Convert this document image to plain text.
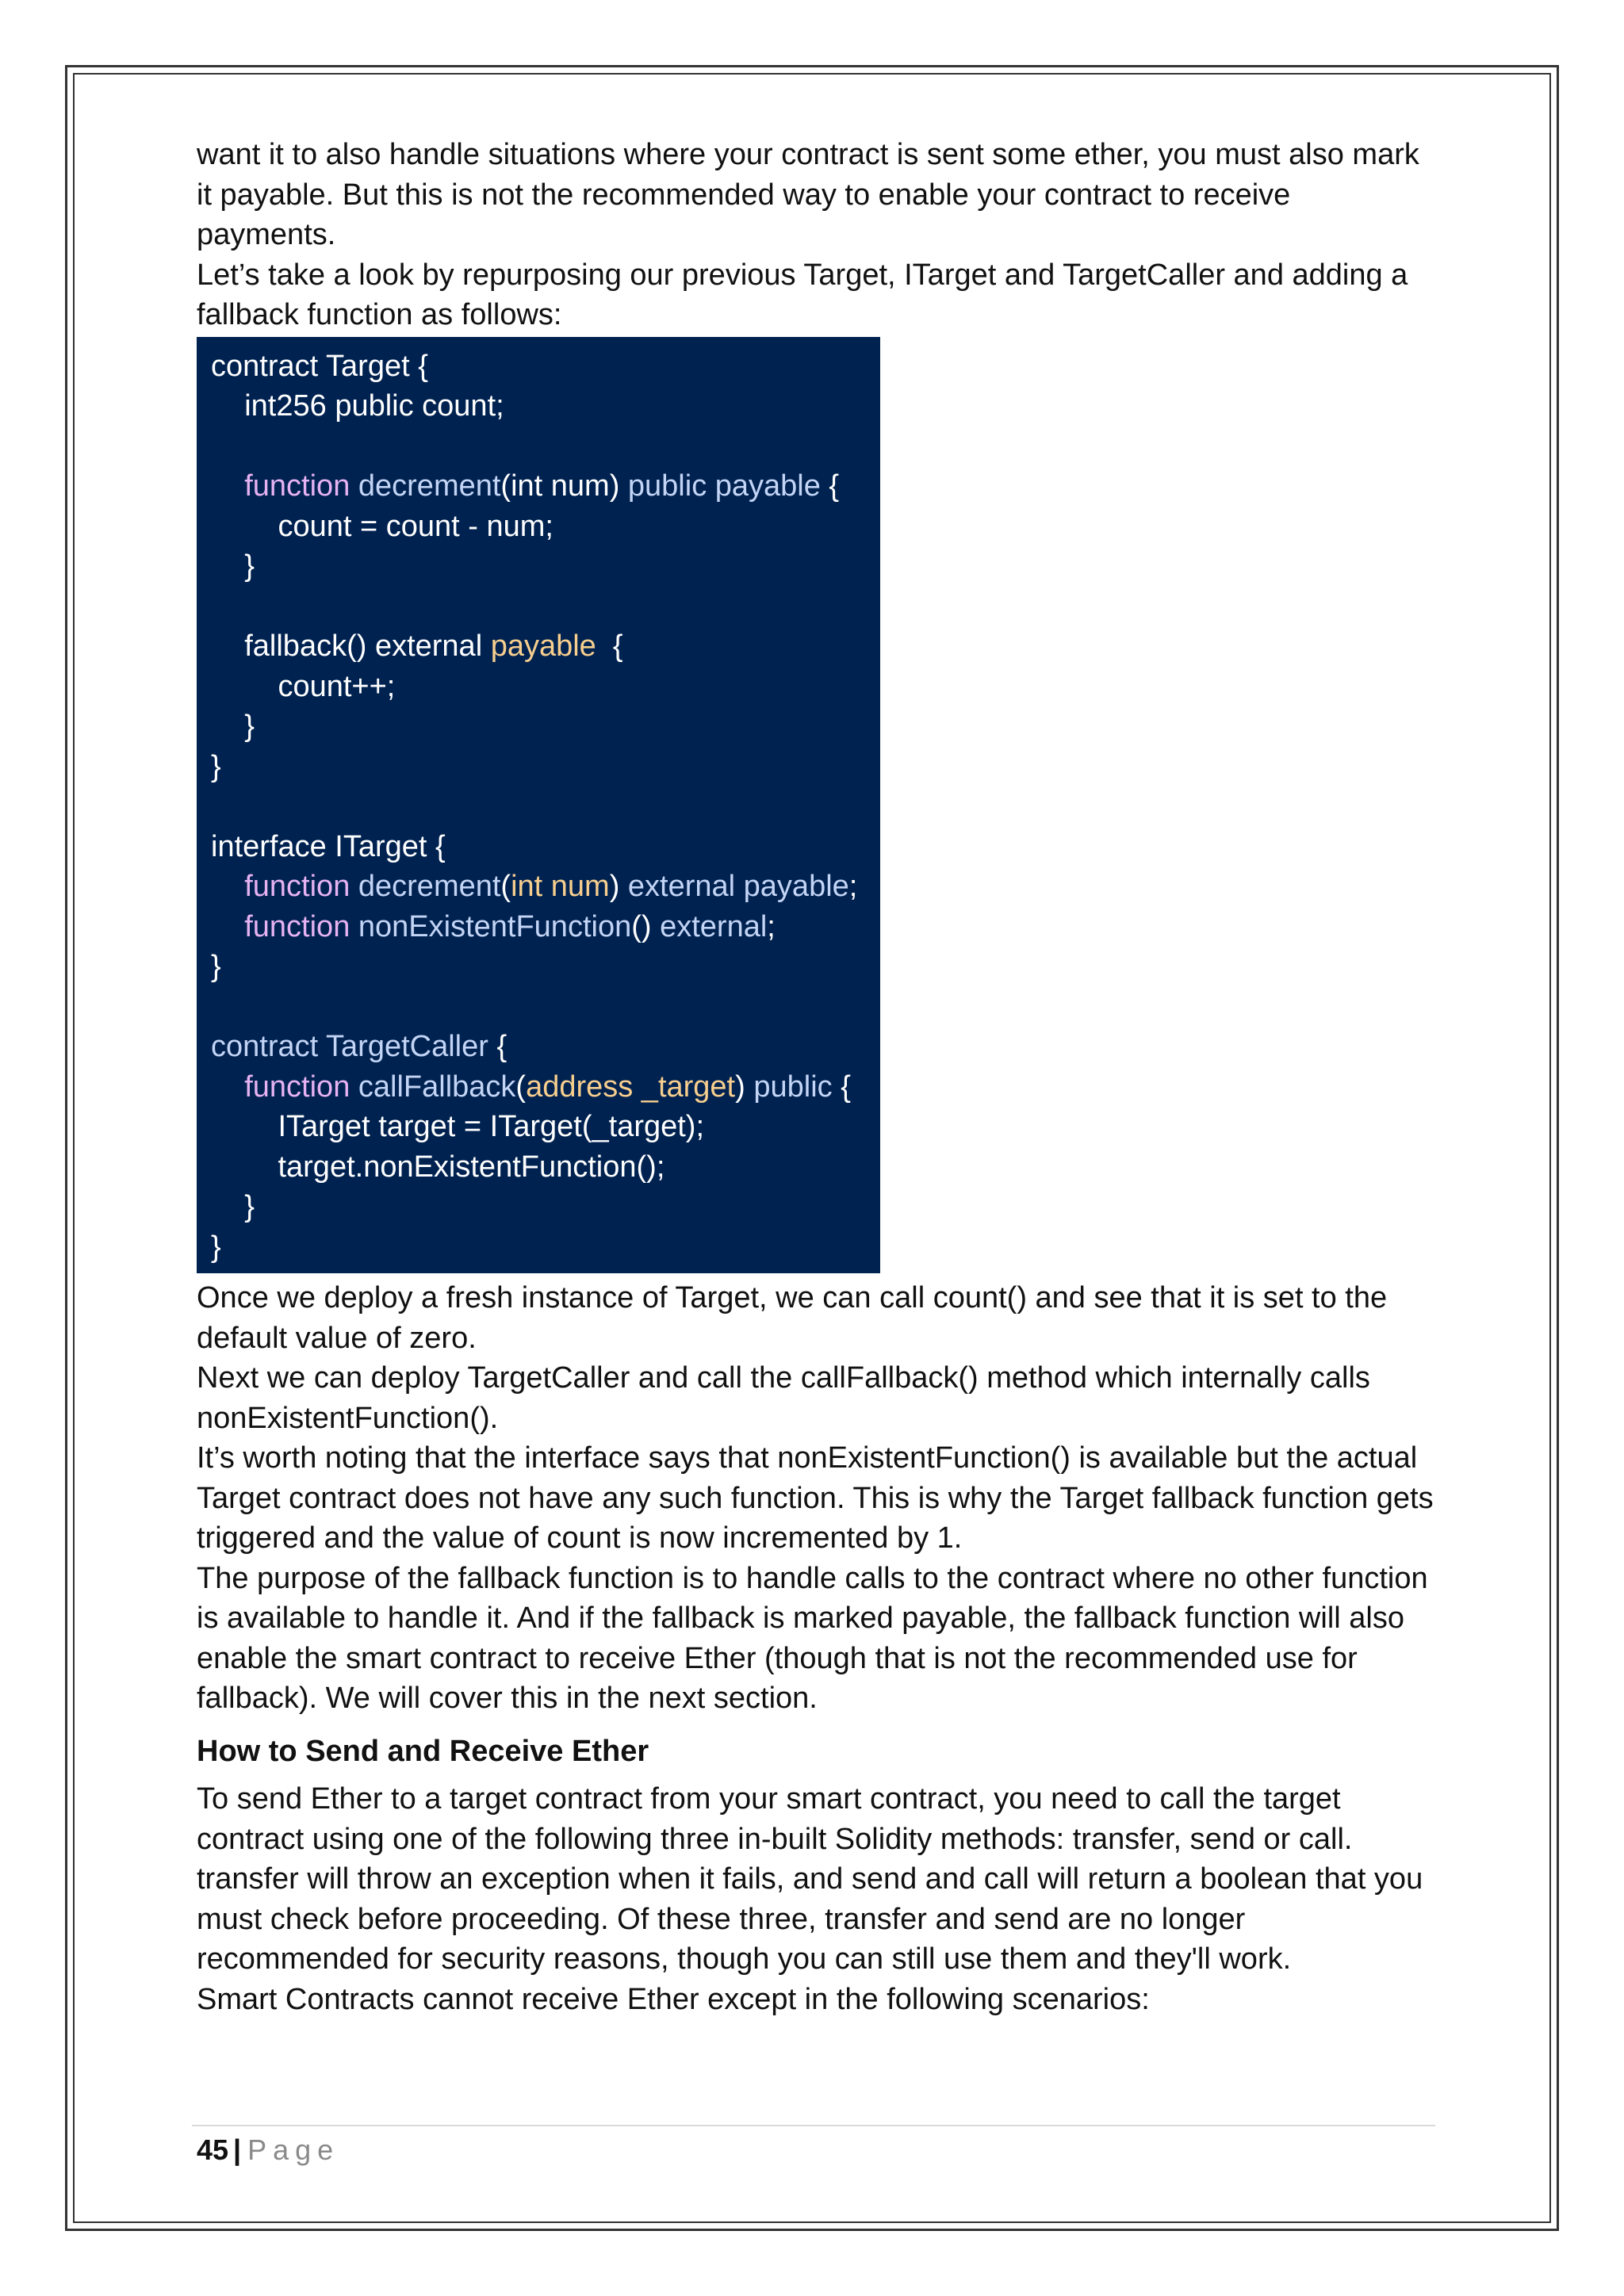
want it to also handle situations where your contract is sent some ether, you must also mark it payable. But this is not the recommended way to enable your contract to receive payments.

Let’s take a look by repurposing our previous Target, ITarget and TargetCaller and adding a fallback function as follows:

contract Target {
int256 public count;
function decrement(int num) public payable {
count = count - num;
}
fallback() external payable  {
count++;
}
}
interface ITarget {
function decrement(int num) external payable;
function nonExistentFunction() external;
}
contract TargetCaller {
function callFallback(address _target) public {
ITarget target = ITarget(_target);
target.nonExistentFunction();
}
}

Once we deploy a fresh instance of Target, we can call count() and see that it is set to the default value of zero.

Next we can deploy TargetCaller and call the callFallback() method which internally calls nonExistentFunction().

It’s worth noting that the interface says that nonExistentFunction() is available but the actual Target contract does not have any such function. This is why the Target fallback function gets triggered and the value of count is now incremented by 1.

The purpose of the fallback function is to handle calls to the contract where no other function is available to handle it. And if the fallback is marked payable, the fallback function will also enable the smart contract to receive Ether (though that is not the recommended use for fallback). We will cover this in the next section.

How to Send and Receive Ether

To send Ether to a target contract from your smart contract, you need to call the target contract using one of the following three in-built Solidity methods: transfer, send or call. transfer will throw an exception when it fails, and send and call will return a boolean that you must check before proceeding. Of these three, transfer and send are no longer recommended for security reasons, though you can still use them and they'll work.

Smart Contracts cannot receive Ether except in the following scenarios:

45 | Page
